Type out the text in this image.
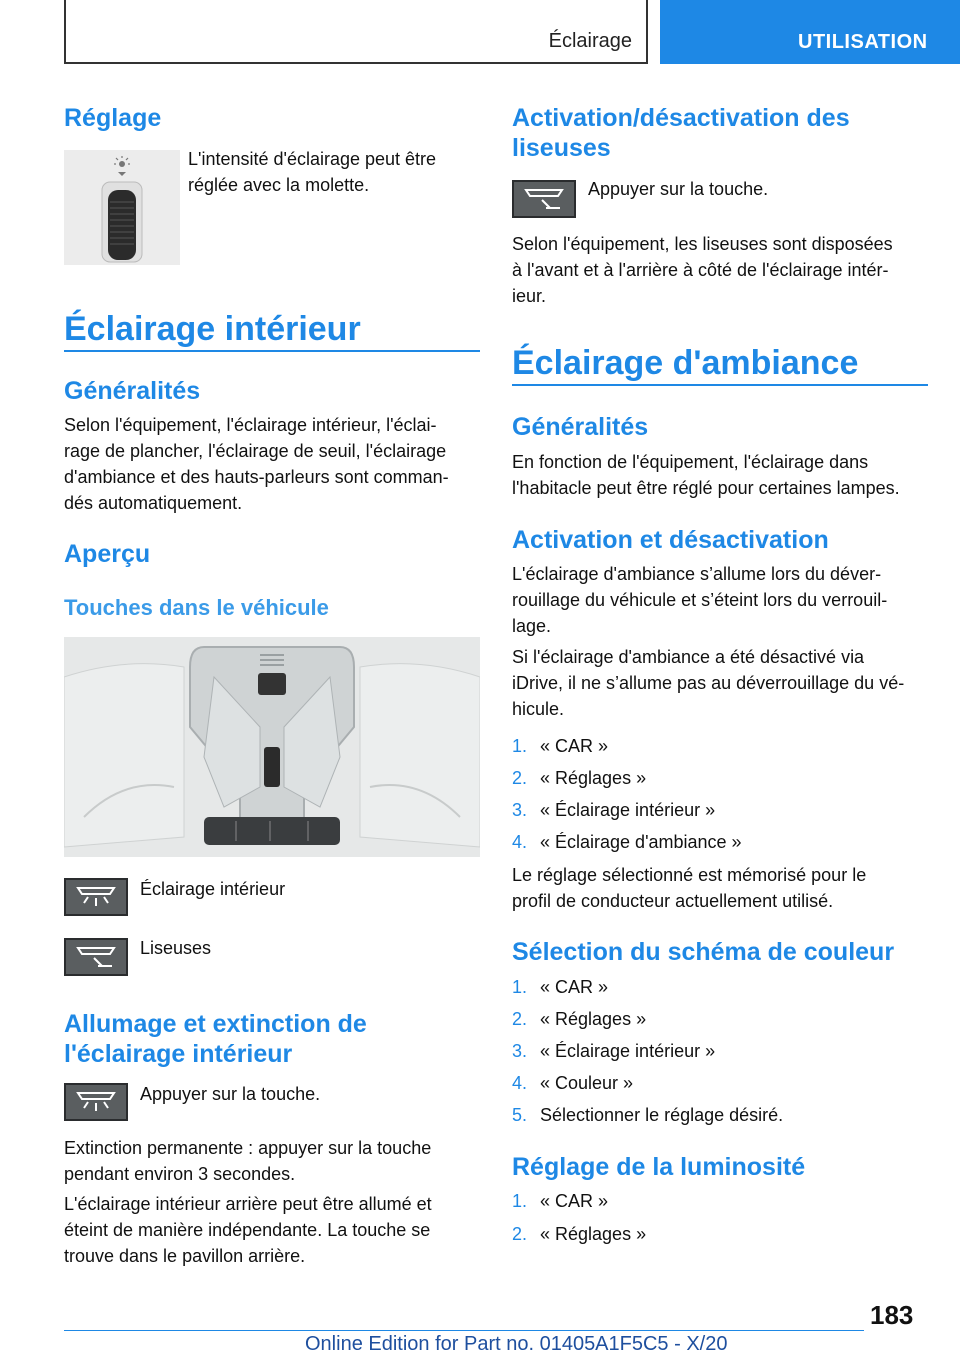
Éclairage	UTILISATION
Réglage
L'intensité d'éclairage peut être
réglée avec la molette.
Éclairage intérieur
Généralités
Selon l'équipement, l'éclairage intérieur, l'éclai-
rage de plancher, l'éclairage de seuil, l'éclairage
d'ambiance et des hauts-parleurs sont comman-
dés automatiquement.
Aperçu
Touches dans le véhicule
Éclairage intérieur
Liseuses
Allumage et extinction de
l'éclairage intérieur
Appuyer sur la touche.
Extinction permanente : appuyer sur la touche
pendant environ 3 secondes.
L'éclairage intérieur arrière peut être allumé et
éteint de manière indépendante. La touche se
trouve dans le pavillon arrière.
Activation/désactivation des
liseuses
Appuyer sur la touche.
Selon l'équipement, les liseuses sont disposées
à l'avant et à l'arrière à côté de l'éclairage intér-
ieur.
Éclairage d'ambiance
Généralités
En fonction de l'équipement, l'éclairage dans
l'habitacle peut être réglé pour certaines lampes.
Activation et désactivation
L'éclairage d'ambiance s’allume lors du déver-
rouillage du véhicule et s’éteint lors du verrouil-
lage.
Si l'éclairage d'ambiance a été désactivé via
iDrive, il ne s’allume pas au déverrouillage du vé-
hicule.
1. « CAR »
2. « Réglages »
3. « Éclairage intérieur »
4. « Éclairage d'ambiance »
Le réglage sélectionné est mémorisé pour le
profil de conducteur actuellement utilisé.
Sélection du schéma de couleur
1. « CAR »
2. « Réglages »
3. « Éclairage intérieur »
4. « Couleur »
5. Sélectionner le réglage désiré.
Réglage de la luminosité
1. « CAR »
2. « Réglages »
183
Online Edition for Part no. 01405A1F5C5 - X/20
